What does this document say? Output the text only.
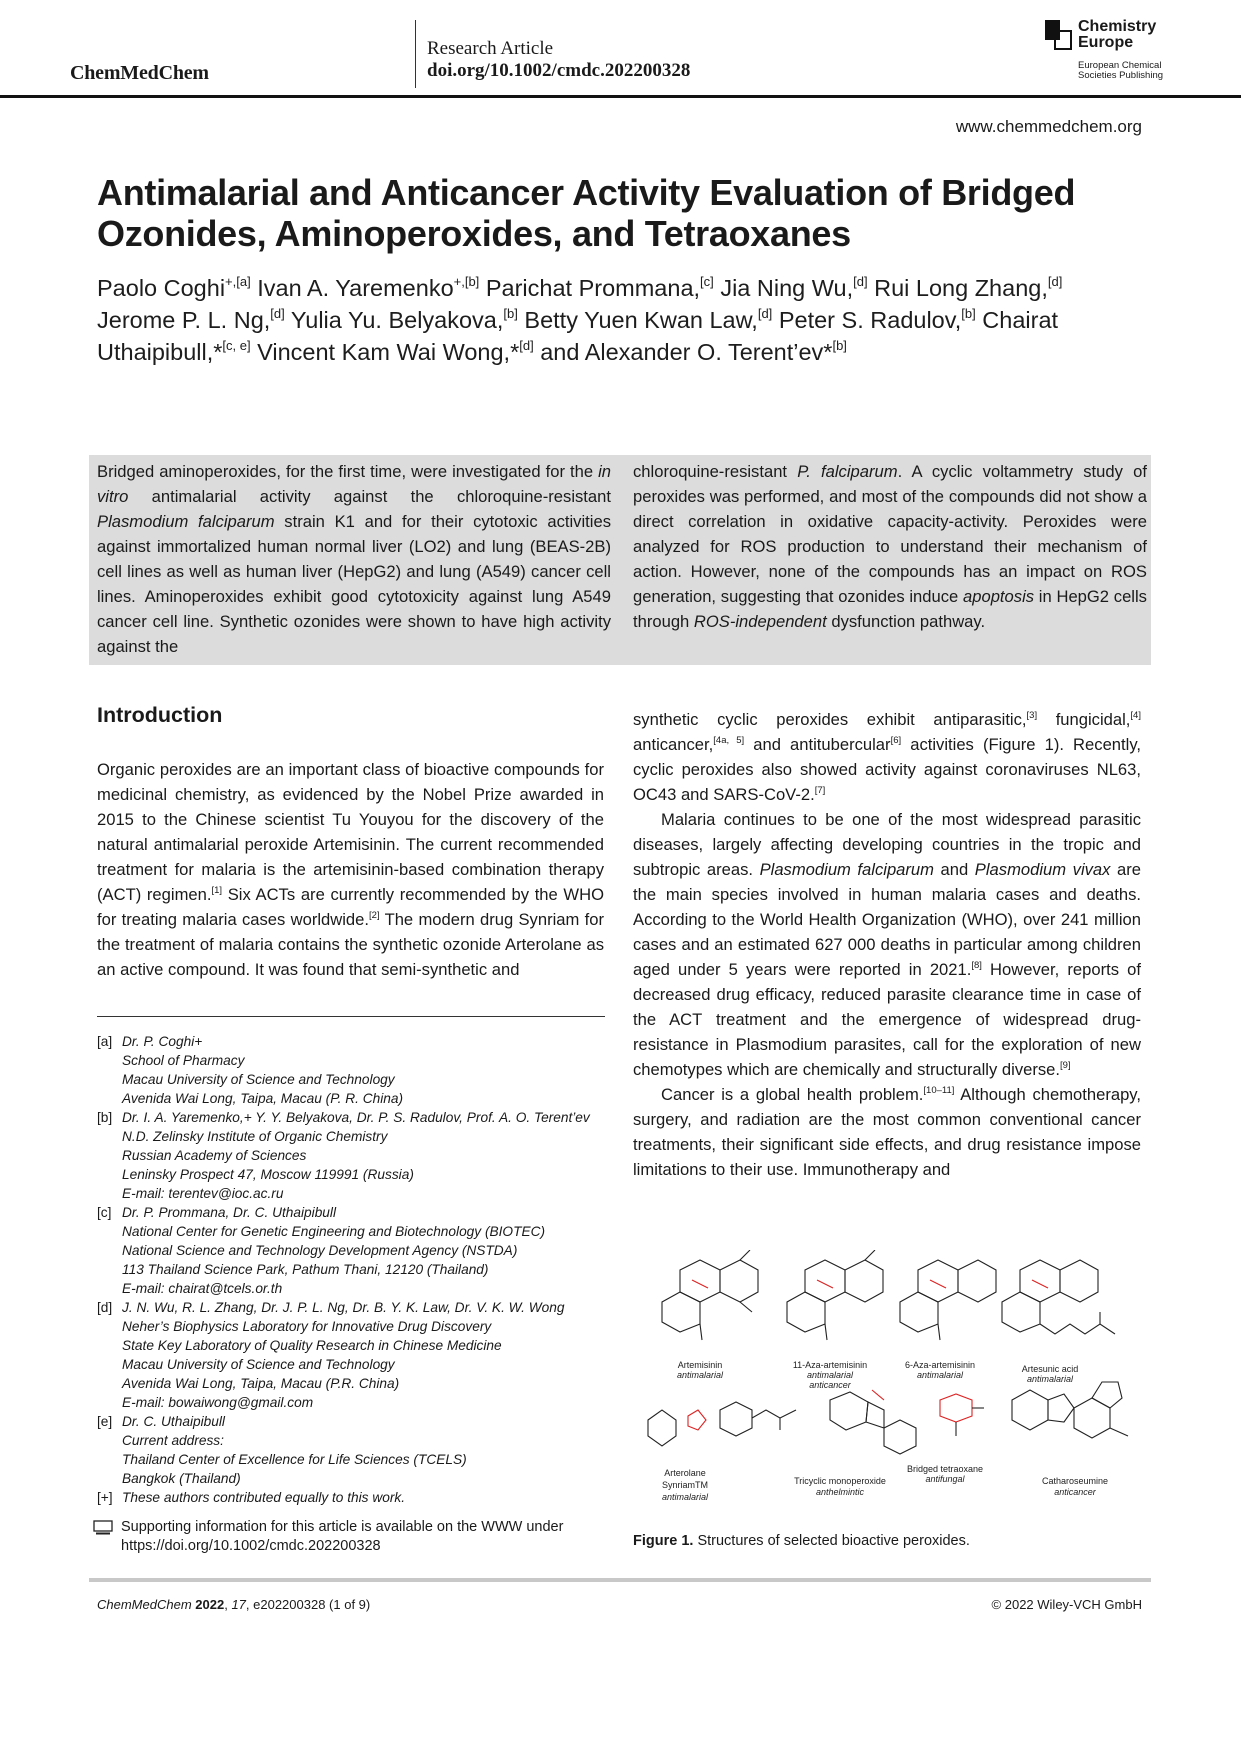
ChemMedChem
Research Article
doi.org/10.1002/cmdc.202200328
Chemistry
Europe
European Chemical
Societies Publishing
www.chemmedchem.org
Antimalarial and Anticancer Activity Evaluation of Bridged Ozonides, Aminoperoxides, and Tetraoxanes
Paolo Coghi$^{+,[a]}$ Ivan A. Yaremenko$^{+,[b]}$ Parichat Prommana,[c] Jia Ning Wu,[d] Rui Long Zhang,[d] Jerome P. L. Ng,[d] Yulia Yu. Belyakova,[b] Betty Yuen Kwan Law,[d] Peter S. Radulov,[b] Chairat Uthaipibull,*[c, e] Vincent Kam Wai Wong,*[d] and Alexander O. Terent’ev*[b]
Bridged aminoperoxides, for the first time, were investigated for the in vitro antimalarial activity against the chloroquine-resistant Plasmodium falciparum strain K1 and for their cytotoxic activities against immortalized human normal liver (LO2) and lung (BEAS-2B) cell lines as well as human liver (HepG2) and lung (A549) cancer cell lines. Aminoperoxides exhibit good cytotoxicity against lung A549 cancer cell line. Synthetic ozonides were shown to have high activity against the
chloroquine-resistant P. falciparum. A cyclic voltammetry study of peroxides was performed, and most of the compounds did not show a direct correlation in oxidative capacity-activity. Peroxides were analyzed for ROS production to understand their mechanism of action. However, none of the compounds has an impact on ROS generation, suggesting that ozonides induce apoptosis in HepG2 cells through ROS-independent dysfunction pathway.
Introduction

Organic peroxides are an important class of bioactive compounds for medicinal chemistry, as evidenced by the Nobel Prize awarded in 2015 to the Chinese scientist Tu Youyou for the discovery of the natural antimalarial peroxide Artemisinin. The current recommended treatment for malaria is the artemisinin-based combination therapy (ACT) regimen.[1] Six ACTs are currently recommended by the WHO for treating malaria cases worldwide.[2] The modern drug Synriam for the treatment of malaria contains the synthetic ozonide Arterolane as an active compound. It was found that semi-synthetic and

synthetic cyclic peroxides exhibit antiparasitic,[3] fungicidal,[4] anticancer,[4a, 5] and antitubercular[6] activities (Figure 1). Recently, cyclic peroxides also showed activity against coronaviruses NL63, OC43 and SARS-CoV-2.[7]

Malaria continues to be one of the most widespread parasitic diseases, largely affecting developing countries in the tropic and subtropic areas. Plasmodium falciparum and Plasmodium vivax are the main species involved in human malaria cases and deaths. According to the World Health Organization (WHO), over 241 million cases and an estimated 627 000 deaths in particular among children aged under 5 years were reported in 2021.[8] However, reports of decreased drug efficacy, reduced parasite clearance time in case of the ACT treatment and the emergence of widespread drug-resistance in Plasmodium parasites, call for the exploration of new chemotypes which are chemically and structurally diverse.[9]

Cancer is a global health problem.[10–11] Although chemotherapy, surgery, and radiation are the most common conventional cancer treatments, their significant side effects, and drug resistance impose limitations to their use. Immunotherapy and

[a] Dr. P. Coghi+
School of Pharmacy
Macau University of Science and Technology
Avenida Wai Long, Taipa, Macau (P. R. China)
[b] Dr. I. A. Yaremenko,+ Y. Y. Belyakova, Dr. P. S. Radulov, Prof. A. O. Terent’ev
N.D. Zelinsky Institute of Organic Chemistry
Russian Academy of Sciences
Leninsky Prospect 47, Moscow 119991 (Russia)
E-mail: terentev@ioc.ac.ru
[c] Dr. P. Prommana, Dr. C. Uthaipibull
National Center for Genetic Engineering and Biotechnology (BIOTEC)
National Science and Technology Development Agency (NSTDA)
113 Thailand Science Park, Pathum Thani, 12120 (Thailand)
E-mail: chairat@tcels.or.th
[d] J. N. Wu, R. L. Zhang, Dr. J. P. L. Ng, Dr. B. Y. K. Law, Dr. V. K. W. Wong
Neher’s Biophysics Laboratory for Innovative Drug Discovery
State Key Laboratory of Quality Research in Chinese Medicine
Macau University of Science and Technology
Avenida Wai Long, Taipa, Macau (P.R. China)
E-mail: bowaiwong@gmail.com
[e] Dr. C. Uthaipibull
Current address:
Thailand Center of Excellence for Life Sciences (TCELS)
Bangkok (Thailand)
[+] These authors contributed equally to this work.
Supporting information for this article is available on the WWW under https://doi.org/10.1002/cmdc.202200328
Artemisinin
antimalarial
11-Aza-artemisinin
antimalarial
anticancer
6-Aza-artemisinin
antimalarial
Artesunic acid
antimalarial
Arterolane
SynriamTM
antimalarial
Tricyclic monoperoxide
anthelmintic
Bridged tetraoxane
antifungal	Catharoseumine
anticancer
Figure 1. Structures of selected bioactive peroxides.
ChemMedChem 2022, 17, e202200328 (1 of 9)	© 2022 Wiley-VCH GmbH
